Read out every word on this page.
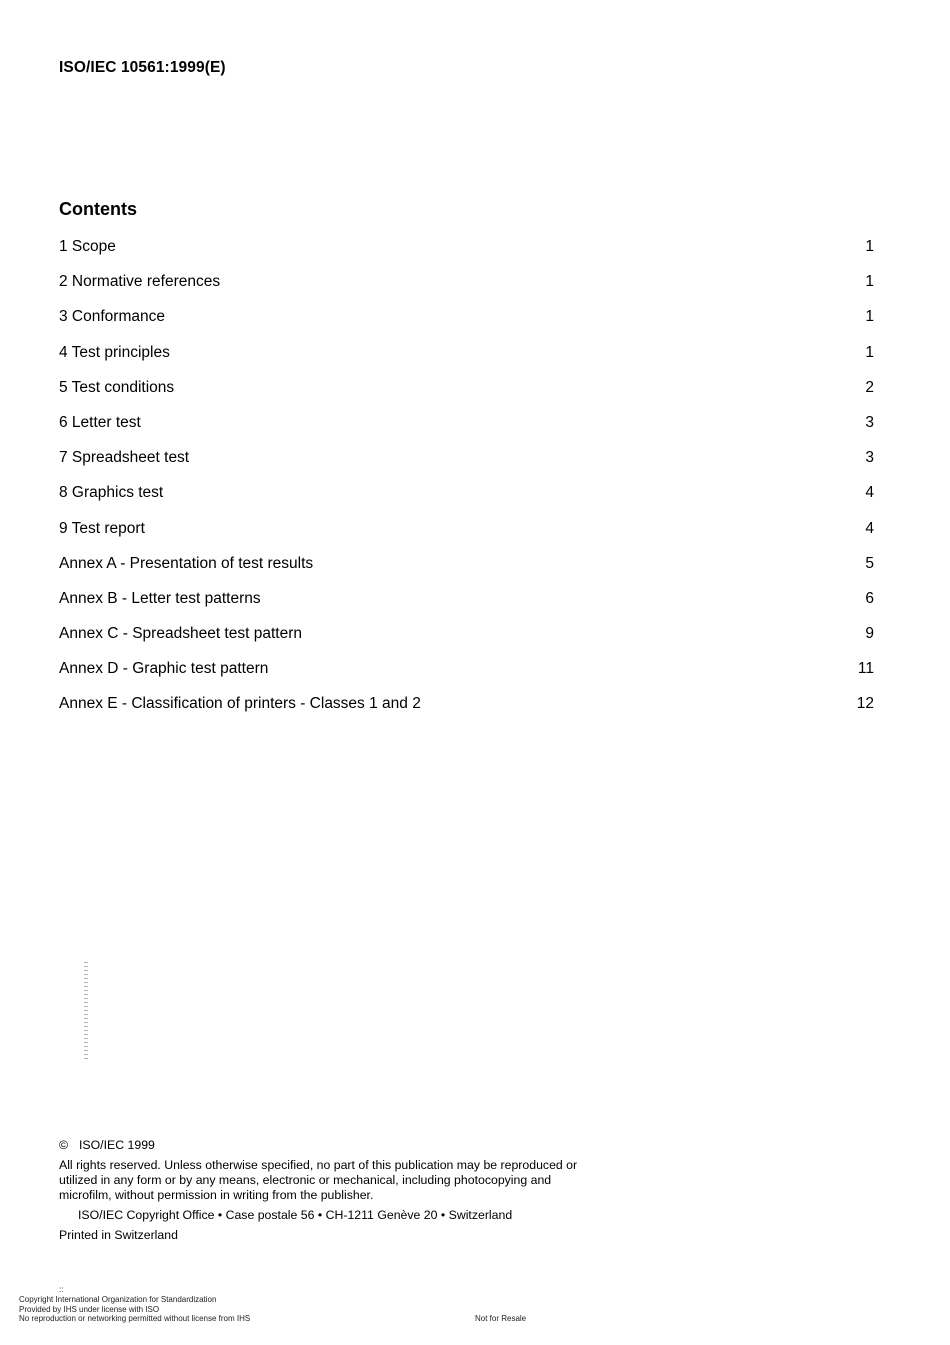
ISO/IEC 10561:1999(E)
Contents
1 Scope	1
2 Normative references	1
3 Conformance	1
4 Test principles	1
5 Test conditions	2
6 Letter test	3
7 Spreadsheet test	3
8 Graphics test	4
9 Test report	4
Annex A - Presentation of test results	5
Annex B - Letter test patterns	6
Annex C - Spreadsheet test pattern	9
Annex D - Graphic test pattern	11
Annex E - Classification of printers - Classes 1 and 2	12
© ISO/IEC 1999
All rights reserved. Unless otherwise specified, no part of this publication may be reproduced or utilized in any form or by any means, electronic or mechanical, including photocopying and microfilm, without permission in writing from the publisher.
ISO/IEC Copyright Office • Case postale 56 • CH-1211 Genève 20 • Switzerland
Printed in Switzerland
::
Copyright International Organization for Standardization
Provided by IHS under license with ISO
No reproduction or networking permitted without license from IHS	Not for Resale
